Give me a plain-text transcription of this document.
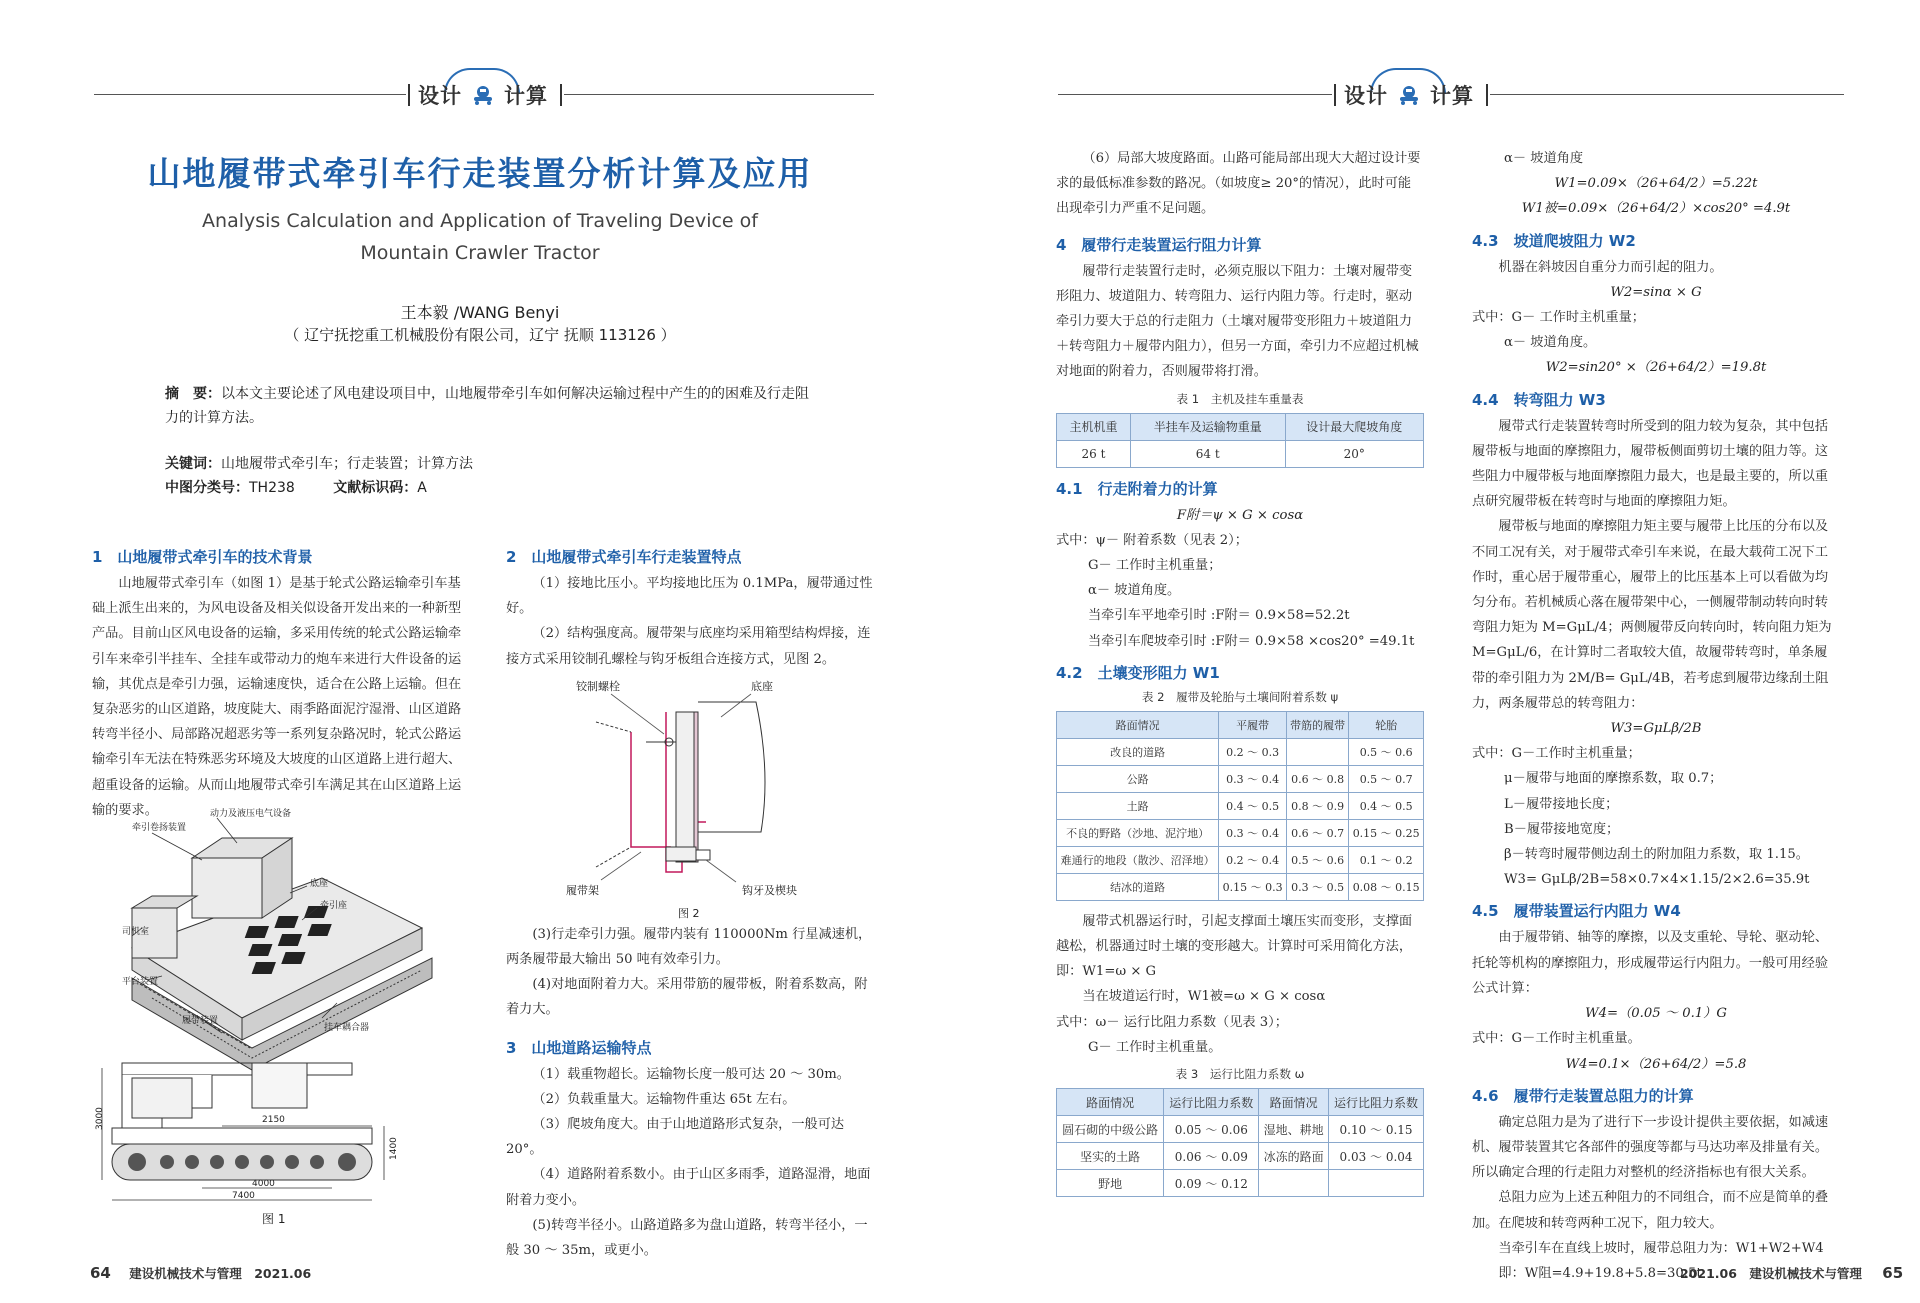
设计 计算
山地履带式牵引车行走装置分析计算及应用
Analysis Calculation and Application of Traveling Device of
Mountain Crawler Tractor
王本毅 /WANG Benyi
（ 辽宁抚挖重工机械股份有限公司，辽宁 抚顺 113126 ）
摘　要：以本文主要论述了风电建设项目中，山地履带牵引车如何解决运输过程中产生的的困难及行走阻力的计算方法。
关键词：山地履带式牵引车；行走装置；计算方法
中图分类号：TH238	文献标识码：A
1　山地履带式牵引车的技术背景
山地履带式牵引车（如图 1）是基于轮式公路运输牵引车基础上派生出来的，为风电设备及相关似设备开发出来的一种新型产品。目前山区风电设备的运输，多采用传统的轮式公路运输牵引车来牵引半挂车、全挂车或带动力的炮车来进行大件设备的运输，其优点是牵引力强，运输速度快，适合在公路上运输。但在复杂恶劣的山区道路，坡度陡大、雨季路面泥泞湿滑、山区道路转弯半径小、局部路况超恶劣等一系列复杂路况时，轮式公路运输牵引车无法在特殊恶劣环境及大坡度的山区道路上进行超大、超重设备的运输。从而山地履带式牵引车满足其在山区道路上运输的要求。
牵引卷扬装置
动力及液压电气设备
底座
牵引座
司机室
平台装置
履带装置
挂车耦合器
2150
3000
1400
4000
7400
图 1
2　山地履带式牵引车行走装置特点
（1）接地比压小。平均接地比压为 0.1MPa，履带通过性好。
（2）结构强度高。履带架与底座均采用箱型结构焊接，连接方式采用铰制孔螺栓与钩牙板组合连接方式，见图 2。
铰制螺栓	底座
履带架	钩牙及楔块
图 2
(3)行走牵引力强。履带内装有 110000Nm 行星减速机，两条履带最大输出 50 吨有效牵引力。
(4)对地面附着力大。采用带筋的履带板，附着系数高，附着力大。
3　山地道路运输特点
（1）载重物超长。运输物长度一般可达 20 ～ 30m。
（2）负载重量大。运输物件重达 65t 左右。
（3）爬坡角度大。由于山地道路形式复杂，一般可达 20°。
（4）道路附着系数小。由于山区多雨季，道路湿滑，地面附着力变小。
(5)转弯半径小。山路道路多为盘山道路，转弯半径小，一般 30 ～ 35m，或更小。
64 建设机械技术与管理　2021.06
设计 计算
（6）局部大坡度路面。山路可能局部出现大大超过设计要求的最低标准参数的路况。（如坡度≥ 20°的情况），此时可能出现牵引力严重不足问题。
4　履带行走装置运行阻力计算
履带行走装置行走时，必须克服以下阻力：土壤对履带变形阻力、坡道阻力、转弯阻力、运行内阻力等。行走时，驱动牵引力要大于总的行走阻力（土壤对履带变形阻力＋坡道阻力＋转弯阻力＋履带内阻力），但另一方面，牵引力不应超过机械对地面的附着力，否则履带将打滑。
表 1　主机及挂车重量表
主机机重	半挂车及运输物重量	设计最大爬坡角度
26 t	64 t	20°
4.1　行走附着力的计算
F附＝ψ × G × cosα
式中：ψ－ 附着系数（见表 2）；
G－ 工作时主机重量；
α－ 坡道角度。
当牵引车平地牵引时 :F附＝ 0.9×58=52.2t
当牵引车爬坡牵引时 :F附＝ 0.9×58 ×cos20° =49.1t
4.2　土壤变形阻力 W1
表 2　履带及轮胎与土壤间附着系数 ψ
路面情况	平履带	带筋的履带	轮胎
改良的道路	0.2 ～ 0.3		0.5 ～ 0.6
公路	0.3 ～ 0.4	0.6 ～ 0.8	0.5 ～ 0.7
土路	0.4 ～ 0.5	0.8 ～ 0.9	0.4 ～ 0.5
不良的野路（沙地、泥泞地）	0.3 ～ 0.4	0.6 ～ 0.7	0.15 ～ 0.25
难通行的地段（散沙、沼泽地）	0.2 ～ 0.4	0.5 ～ 0.6	0.1 ～ 0.2
结冰的道路	0.15 ～ 0.3	0.3 ～ 0.5	0.08 ～ 0.15
履带式机器运行时，引起支撑面土壤压实而变形，支撑面越松，机器通过时土壤的变形越大。计算时可采用简化方法，即：W1=ω × G
当在坡道运行时，W1被=ω × G × cosα
式中：ω－ 运行比阻力系数（见表 3）；
G－ 工作时主机重量。
表 3　运行比阻力系数 ω
路面情况	运行比阻力系数	路面情况	运行比阻力系数
圆石砌的中级公路	0.05 ～ 0.06	湿地、耕地	0.10 ～ 0.15
坚实的土路	0.06 ～ 0.09	冰冻的路面	0.03 ～ 0.04
野地	0.09 ～ 0.12		
α－ 坡道角度
W1=0.09×（26+64/2）=5.22t
W1被=0.09×（26+64/2）×cos20° =4.9t
4.3　坡道爬坡阻力 W2
机器在斜坡因自重分力而引起的阻力。
W2=sinα × G
式中：G－ 工作时主机重量；
α－ 坡道角度。
W2=sin20° ×（26+64/2）=19.8t
4.4　转弯阻力 W3
履带式行走装置转弯时所受到的阻力较为复杂，其中包括履带板与地面的摩擦阻力，履带板侧面剪切土壤的阻力等。这些阻力中履带板与地面摩擦阻力最大，也是最主要的，所以重点研究履带板在转弯时与地面的摩擦阻力矩。
履带板与地面的摩擦阻力矩主要与履带上比压的分布以及不同工况有关，对于履带式牵引车来说，在最大载荷工况下工作时，重心居于履带重心，履带上的比压基本上可以看做为均匀分布。若机械质心落在履带架中心，一侧履带制动转向时转弯阻力矩为 M=GμL/4；两侧履带反向转向时，转向阻力矩为 M=GμL/6，在计算时二者取较大值，故履带转弯时，单条履带的牵引阻力为 2M/B= GμL/4B，若考虑到履带边缘刮土阻力，两条履带总的转弯阻力：
W3=GμLβ/2B
式中：G－工作时主机重量；
μ－履带与地面的摩擦系数，取 0.7；
L－履带接地长度；
B－履带接地宽度；
β－转弯时履带侧边刮土的附加阻力系数，取 1.15。
W3= GμLβ/2B=58×0.7×4×1.15/2×2.6=35.9t
4.5　履带装置运行内阻力 W4
由于履带销、轴等的摩擦，以及支重轮、导轮、驱动轮、托轮等机构的摩擦阻力，形成履带运行内阻力。一般可用经验公式计算：
W4=（0.05 ～ 0.1）G
式中：G－工作时主机重量。
W4=0.1×（26+64/2）=5.8
4.6　履带行走装置总阻力的计算
确定总阻力是为了进行下一步设计提供主要依据，如减速机、履带装置其它各部件的强度等都与马达功率及排量有关。所以确定合理的行走阻力对整机的经济指标也有很大关系。
总阻力应为上述五种阻力的不同组合，而不应是简单的叠加。在爬坡和转弯两种工况下，阻力较大。
当牵引车在直线上坡时，履带总阻力为：W1+W2+W4
即：W阻=4.9+19.8+5.8=30.5t
2021.06　建设机械技术与管理 65
